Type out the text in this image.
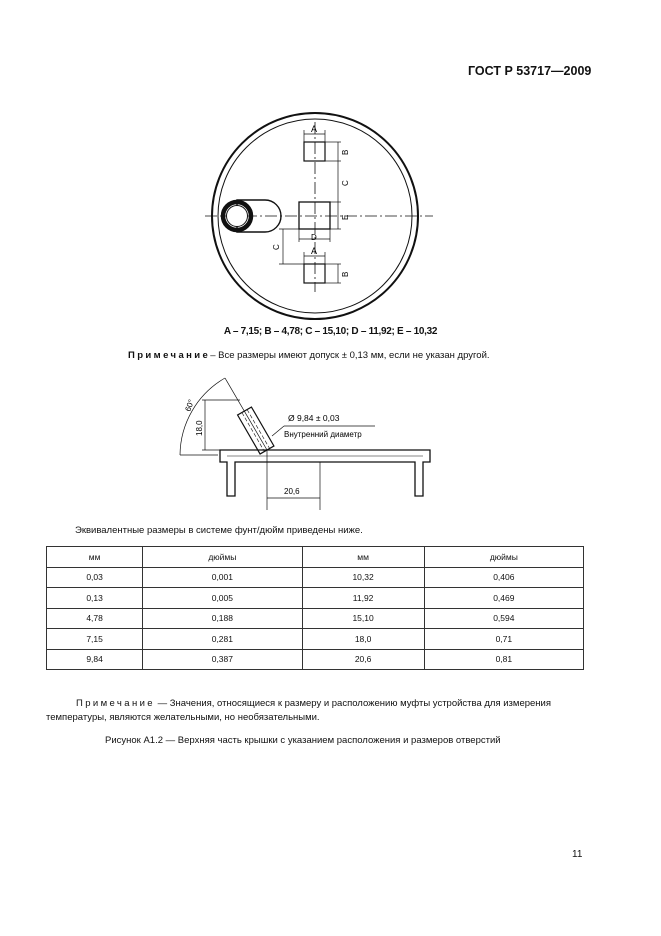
ГОСТ Р 53717—2009
A
B
C
E
D
C	A
B
A – 7,15; B – 4,78; C – 15,10; D – 11,92; E – 10,32
Примечание– Все размеры имеют допуск ± 0,13 мм, если не указан другой.
60°
18,0
Ø 9,84 ± 0,03
Внутренний диаметр
20,6
Эквивалентные размеры в системе фунт/дюйм приведены ниже.
мм	дюймы	мм	дюймы
0,03	0,001	10,32	0,406
0,13	0,005	11,92	0,469
4,78	0,188	15,10	0,594
7,15	0,281	18,0	0,71
9,84	0,387	20,6	0,81
Примечание — Значения, относящиеся к размеру и расположению муфты устройства для измерения температуры, являются желательными, но необязательными.
Рисунок А1.2 — Верхняя часть крышки с указанием расположения и размеров отверстий
11
